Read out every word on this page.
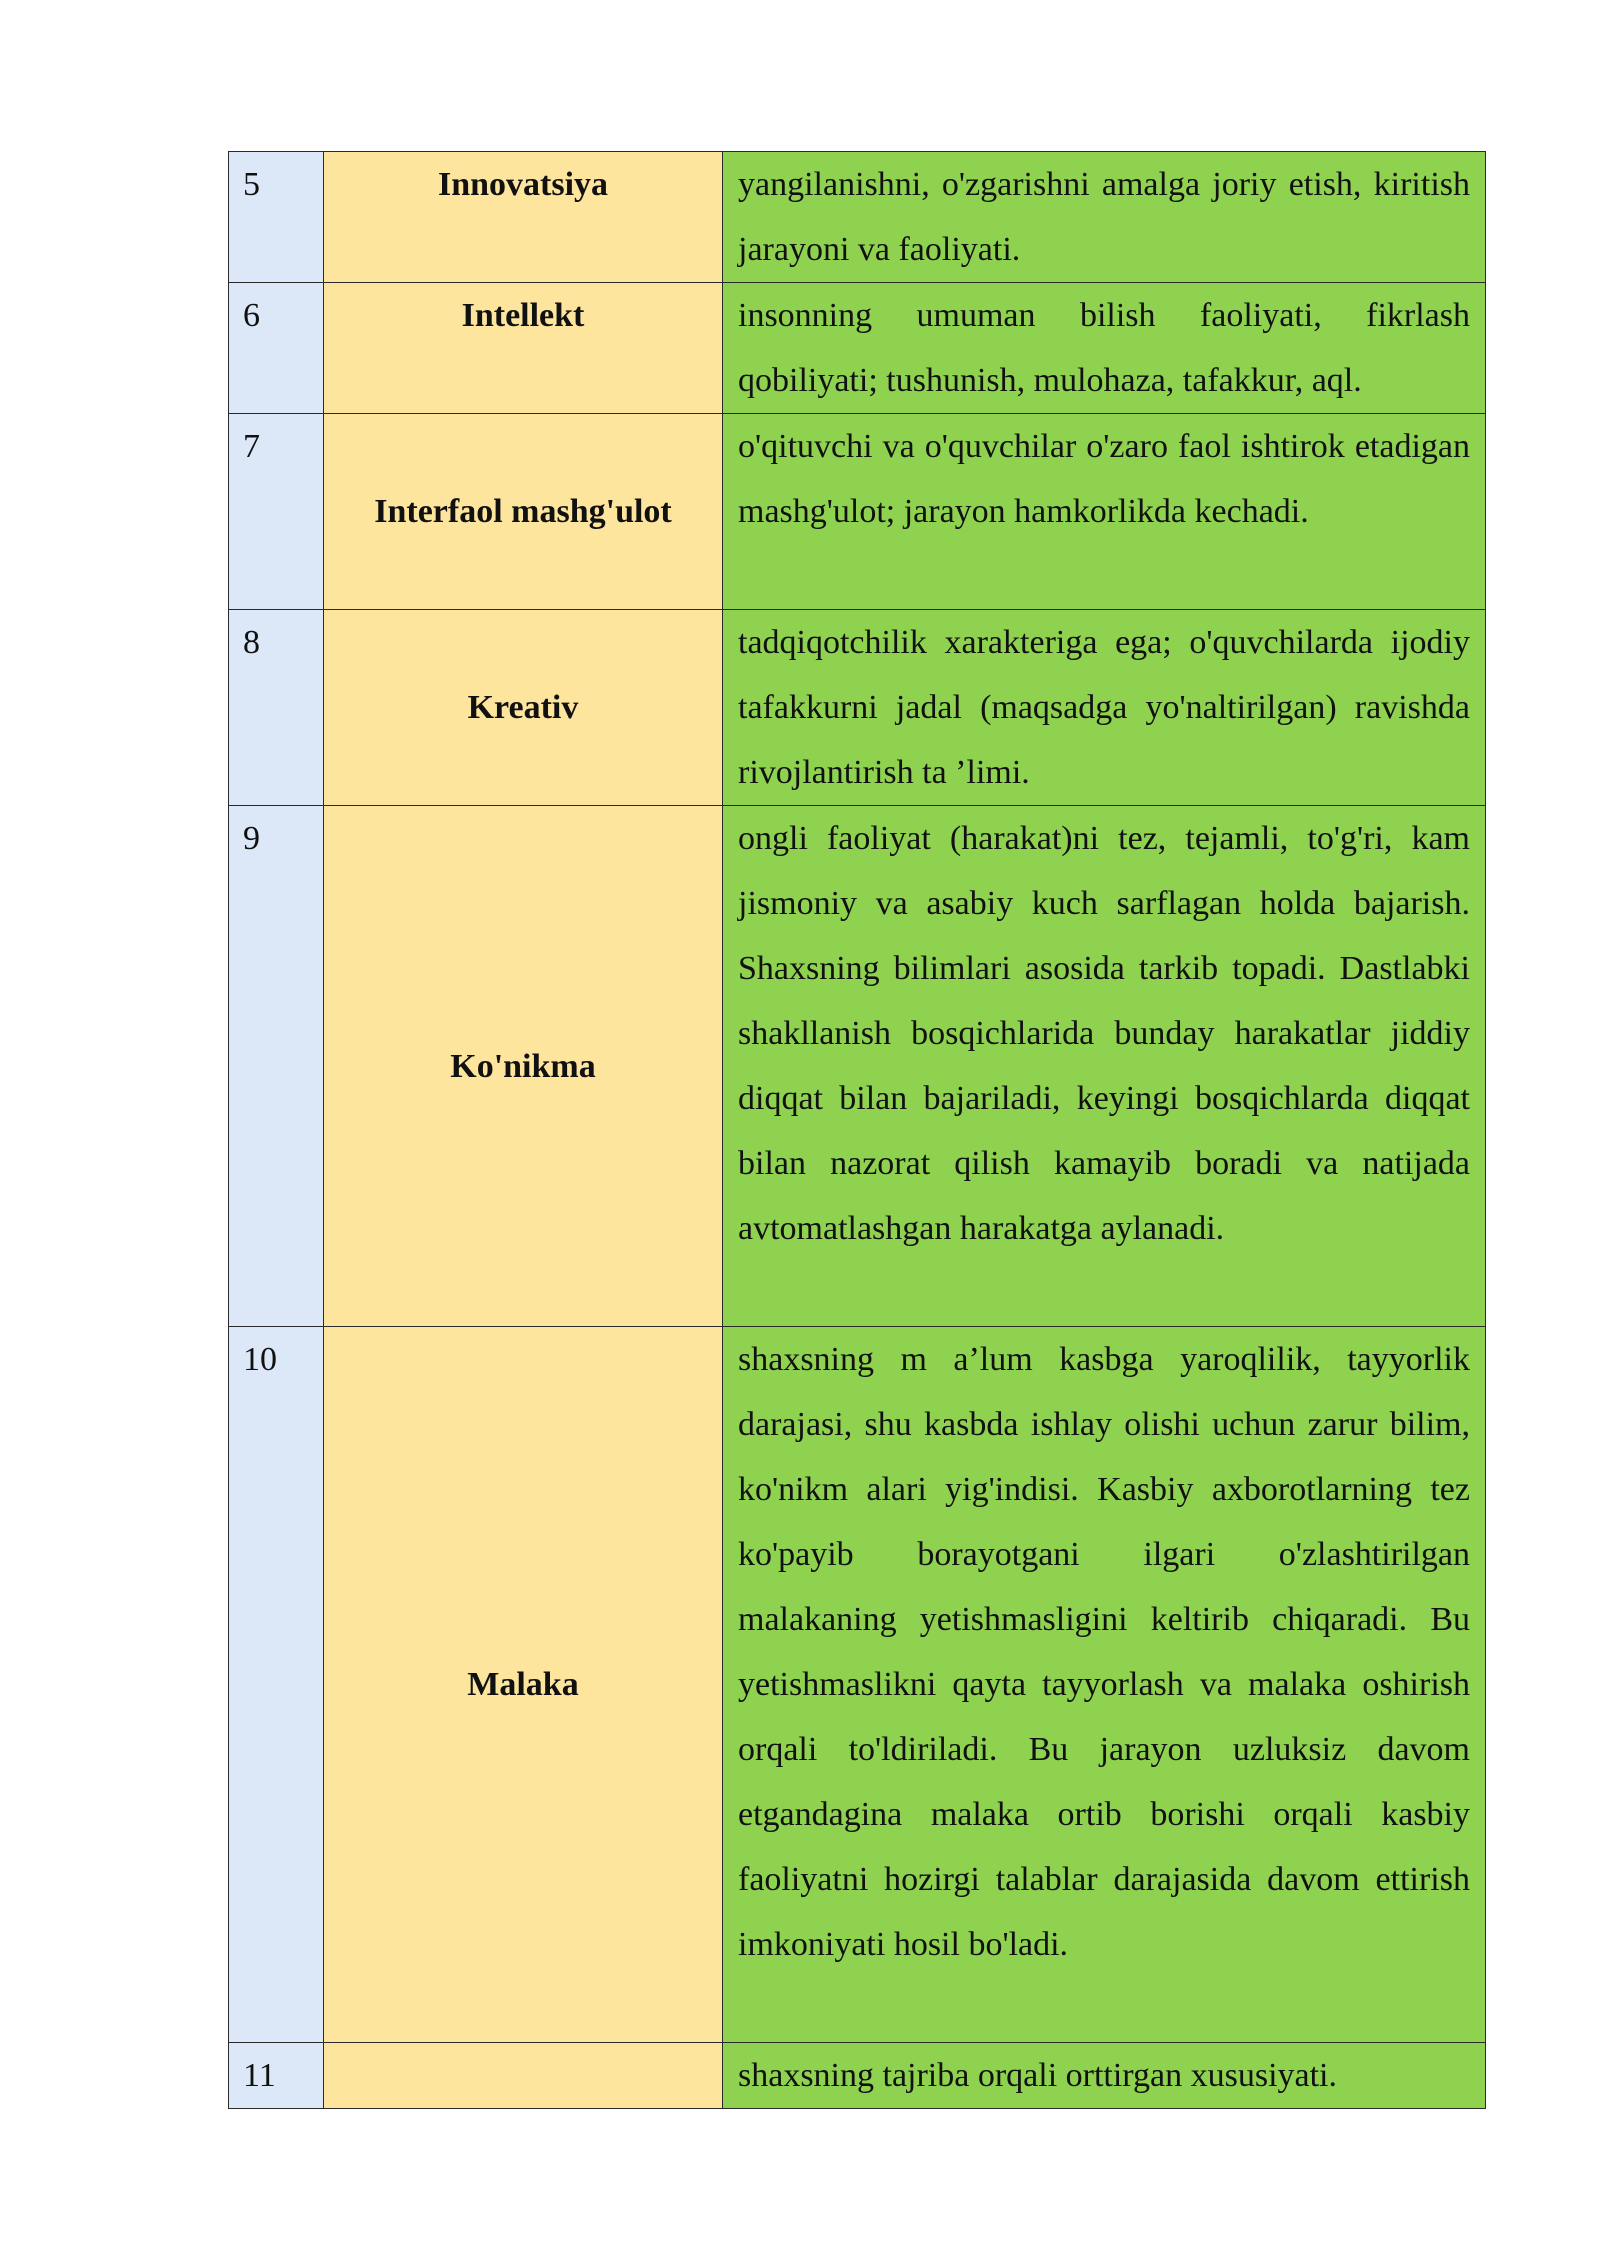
5	Innovatsiya	yangilanishni, o'zgarishni amalga joriy etish, kiritish jarayoni va faoliyati.
6	Intellekt	insonning umuman bilish faoliyati, fikrlash qobiliyati; tushunish, mulohaza, tafakkur, aql.
7	Interfaol mashg'ulot	o'qituvchi va o'quvchilar o'zaro faol ishtirok etadigan mashg'ulot; jarayon hamkorlikda kechadi.
8	Kreativ	tadqiqotchilik xarakteriga ega; o'quvchilarda ijodiy tafakkurni jadal (maqsadga yo'naltirilgan) ravishda rivojlantirish ta ’limi.
9	Ko'nikma	ongli faoliyat (harakat)ni tez, tejamli, to'g'ri, kam jismoniy va asabiy kuch sarflagan holda bajarish. Shaxsning bilimlari asosida tarkib topadi. Dastlabki shakllanish bosqichlarida bunday harakatlar jiddiy diqqat bilan bajariladi, keyingi bosqichlarda diqqat bilan nazorat qilish kamayib boradi va natijada avtomatlashgan harakatga aylanadi.
10	Malaka	shaxsning m a’lum kasbga yaroqlilik, tayyorlik darajasi, shu kasbda ishlay olishi uchun zarur bilim, ko'nikm alari yig'indisi. Kasbiy axborotlarning tez ko'payib borayotgani ilgari o'zlashtirilgan malakaning yetishmasligini keltirib chiqaradi. Bu yetishmaslikni qayta tayyorlash va malaka oshirish orqali to'ldiriladi. Bu jarayon uzluksiz davom etgandagina malaka ortib borishi orqali kasbiy faoliyatni hozirgi talablar darajasida davom ettirish imkoniyati hosil bo'ladi.
11		shaxsning tajriba orqali orttirgan xususiyati.
